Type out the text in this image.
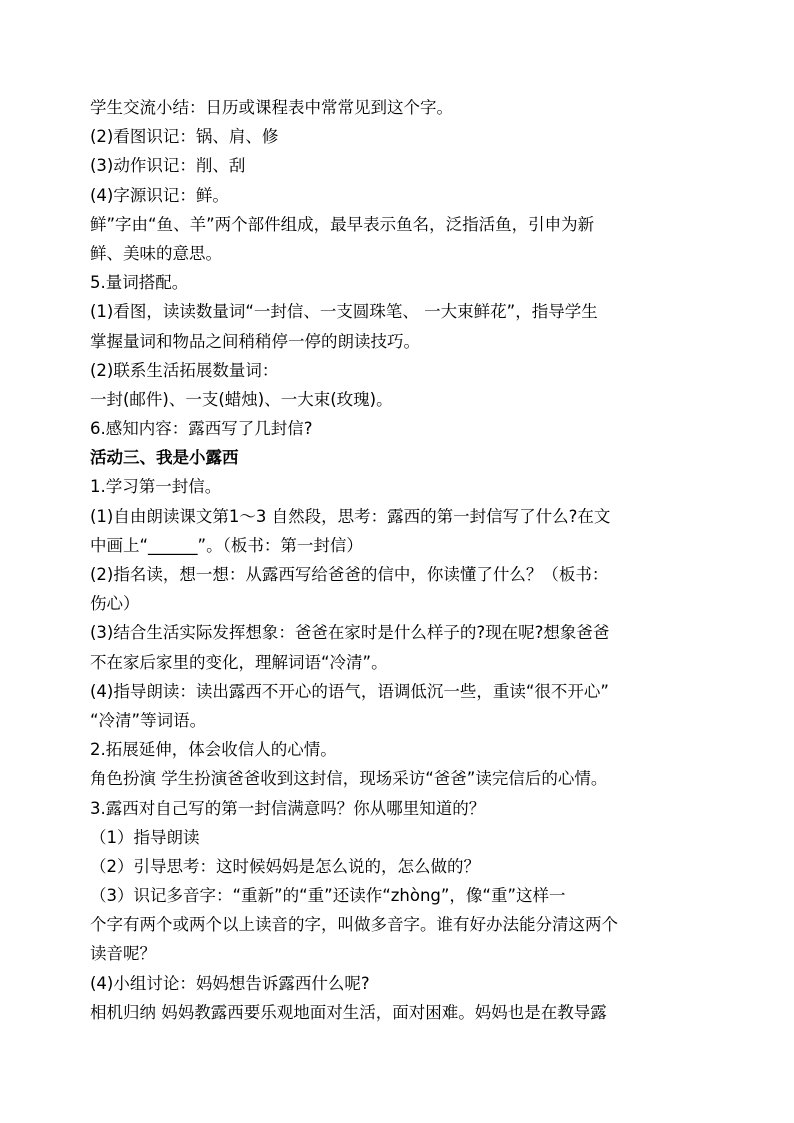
学生交流小结：日历或课程表中常常见到这个字。
(2)看图识记：锅、肩、修
(3)动作识记：削、刮
(4)字源识记：鲜。
鲜”字由“鱼、羊”两个部件组成，最早表示鱼名，泛指活鱼，引申为新
鲜、美味的意思。
5.量词搭配。
(1)看图，读读数量词“一封信、一支圆珠笔、 一大束鲜花”，指导学生
掌握量词和物品之间稍稍停一停的朗读技巧。
(2)联系生活拓展数量词：
一封(邮件)、一支(蜡烛)、一大束(玫瑰)。
6.感知内容：露西写了几封信?
活动三、我是小露西
1.学习第一封信。
(1)自由朗读课文第1～3 自然段，思考：露西的第一封信写了什么?在文
中画上“______”。（板书：第一封信）
(2)指名读，想一想：从露西写给爸爸的信中，你读懂了什么？（板书：
伤心）
(3)结合生活实际发挥想象：爸爸在家时是什么样子的?现在呢?想象爸爸
不在家后家里的变化，理解词语“冷清”。
(4)指导朗读：读出露西不开心的语气，语调低沉一些，重读“很不开心”
“冷清”等词语。
2.拓展延伸，体会收信人的心情。
角色扮演 学生扮演爸爸收到这封信，现场采访“爸爸”读完信后的心情。
3.露西对自己写的第一封信满意吗？你从哪里知道的？
（1）指导朗读
（2）引导思考：这时候妈妈是怎么说的，怎么做的？
（3）识记多音字：“重新”的“重”还读作“zhòng”，像“重”这样一
个字有两个或两个以上读音的字，叫做多音字。谁有好办法能分清这两个
读音呢？
(4)小组讨论：妈妈想告诉露西什么呢?
相机归纳 妈妈教露西要乐观地面对生活，面对困难。妈妈也是在教导露
